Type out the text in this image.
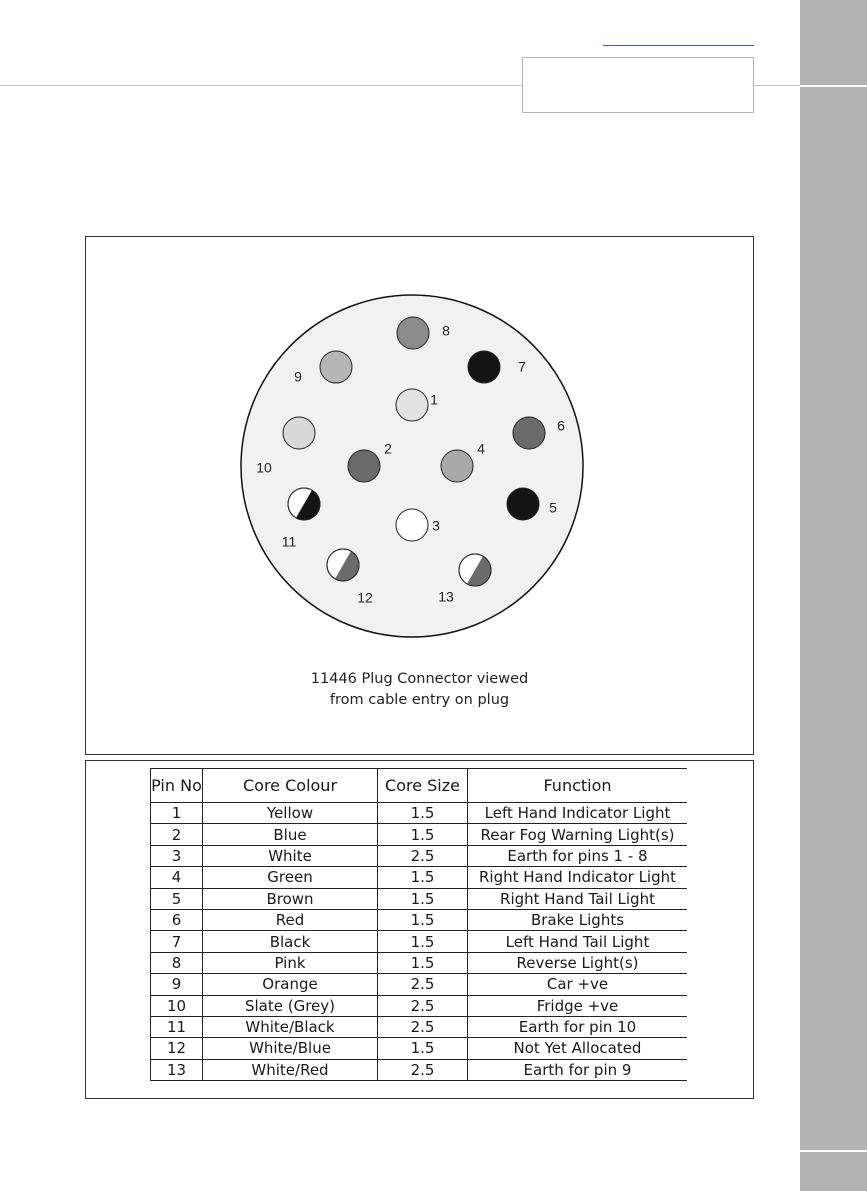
1
2
3
4
5
6
7
8
9
10
11
12	13
11446 Plug Connector viewed
from cable entry on plug
Pin No	Core Colour	Core Size	Function
1	Yellow	1.5	Left Hand Indicator Light
2	Blue	1.5	Rear Fog Warning Light(s)
3	White	2.5	Earth for pins 1 - 8
4	Green	1.5	Right Hand Indicator Light
5	Brown	1.5	Right Hand Tail Light
6	Red	1.5	Brake Lights
7	Black	1.5	Left Hand Tail Light
8	Pink	1.5	Reverse Light(s)
9	Orange	2.5	Car +ve
10	Slate (Grey)	2.5	Fridge +ve
11	White/Black	2.5	Earth for pin 10
12	White/Blue	1.5	Not Yet Allocated
13	White/Red	2.5	Earth for pin 9
